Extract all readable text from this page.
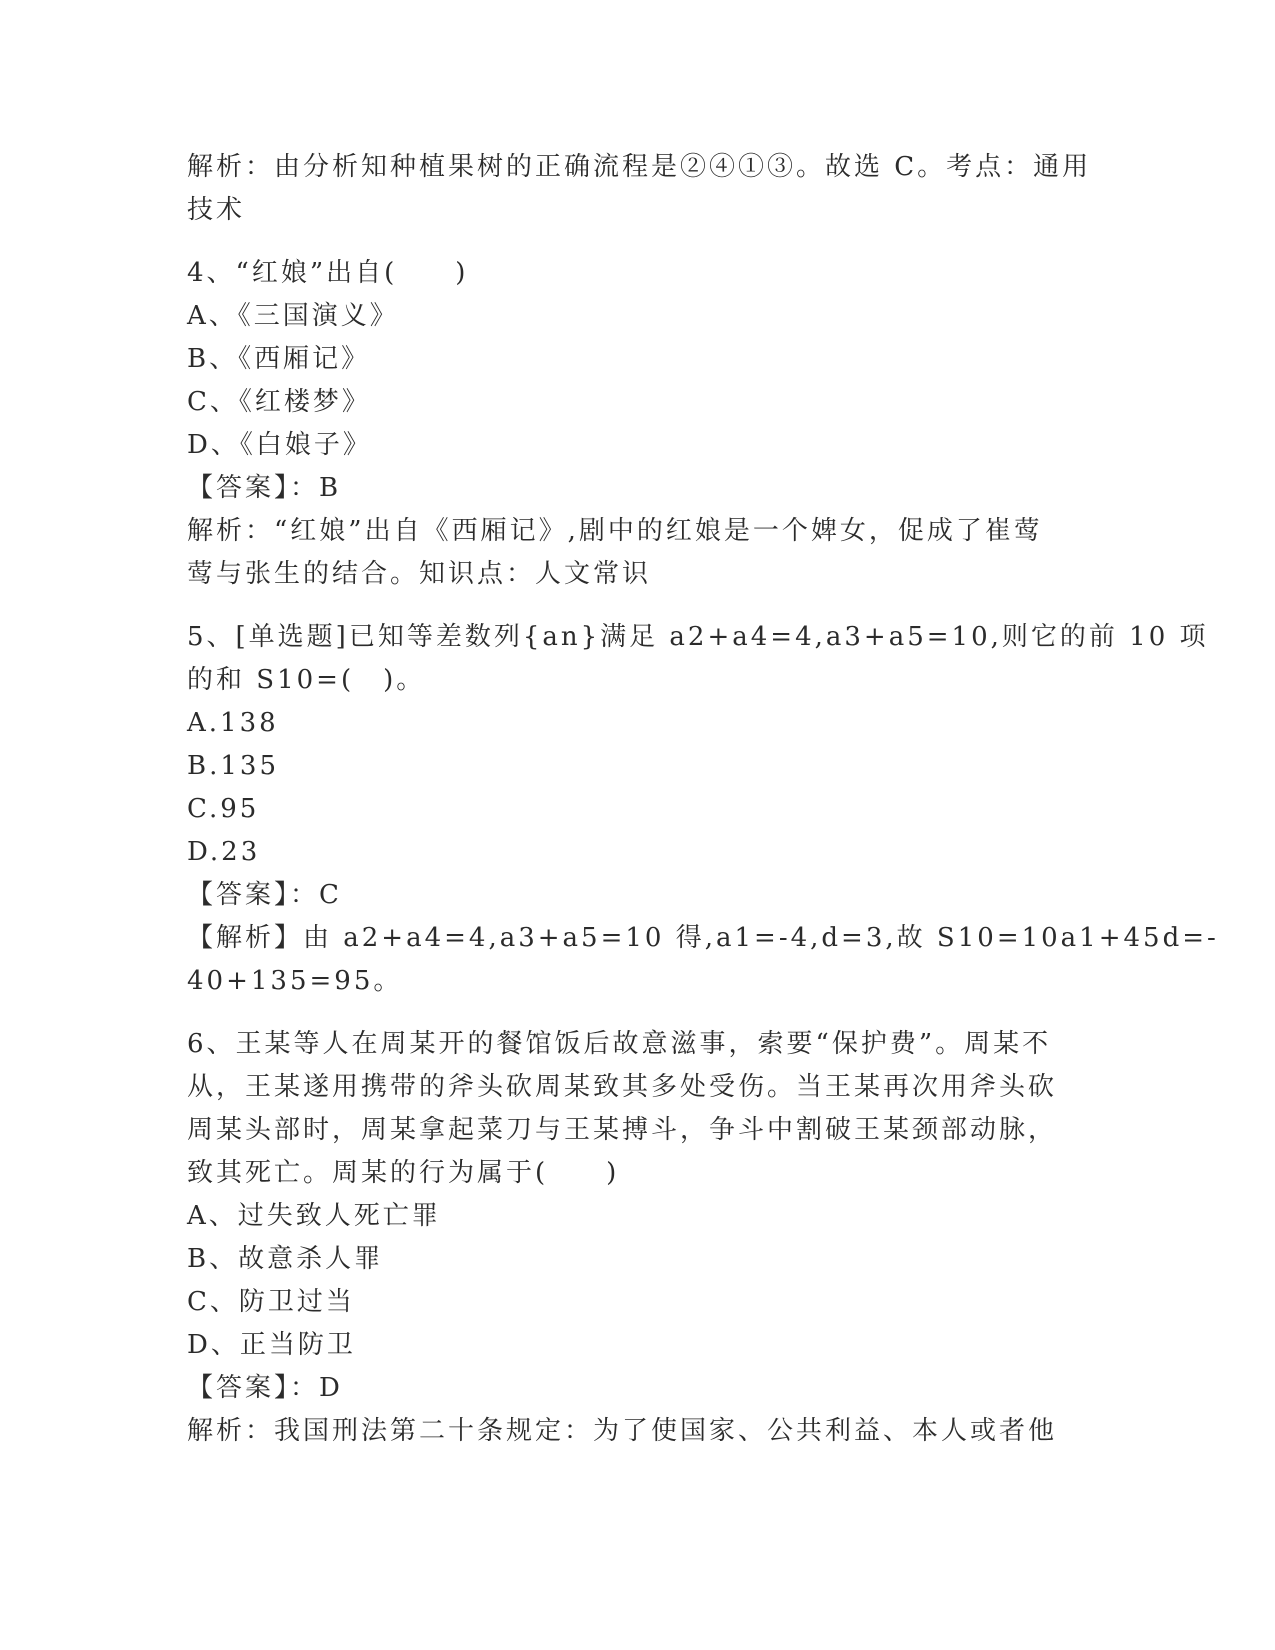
解析：由分析知种植果树的正确流程是②④①③。故选 C。考点：通用
技术
4、“红娘”出自(　　)
A、《三国演义》
B、《西厢记》
C、《红楼梦》
D、《白娘子》
【答案】：B
解析：“红娘”出自《西厢记》,剧中的红娘是一个婢女，促成了崔莺
莺与张生的结合。知识点：人文常识
5、[单选题]已知等差数列{an}满足 a2+a4=4,a3+a5=10,则它的前 10 项
的和 S10=(　)。
A.138
B.135
C.95
D.23
【答案】：C
【解析】由 a2+a4=4,a3+a5=10 得,a1=-4,d=3,故 S10=10a1+45d=-
40+135=95。
6、王某等人在周某开的餐馆饭后故意滋事，索要“保护费”。周某不
从，王某遂用携带的斧头砍周某致其多处受伤。当王某再次用斧头砍
周某头部时，周某拿起菜刀与王某搏斗，争斗中割破王某颈部动脉，
致其死亡。周某的行为属于(　　)
A、过失致人死亡罪
B、故意杀人罪
C、防卫过当
D、正当防卫
【答案】：D
解析：我国刑法第二十条规定：为了使国家、公共利益、本人或者他
